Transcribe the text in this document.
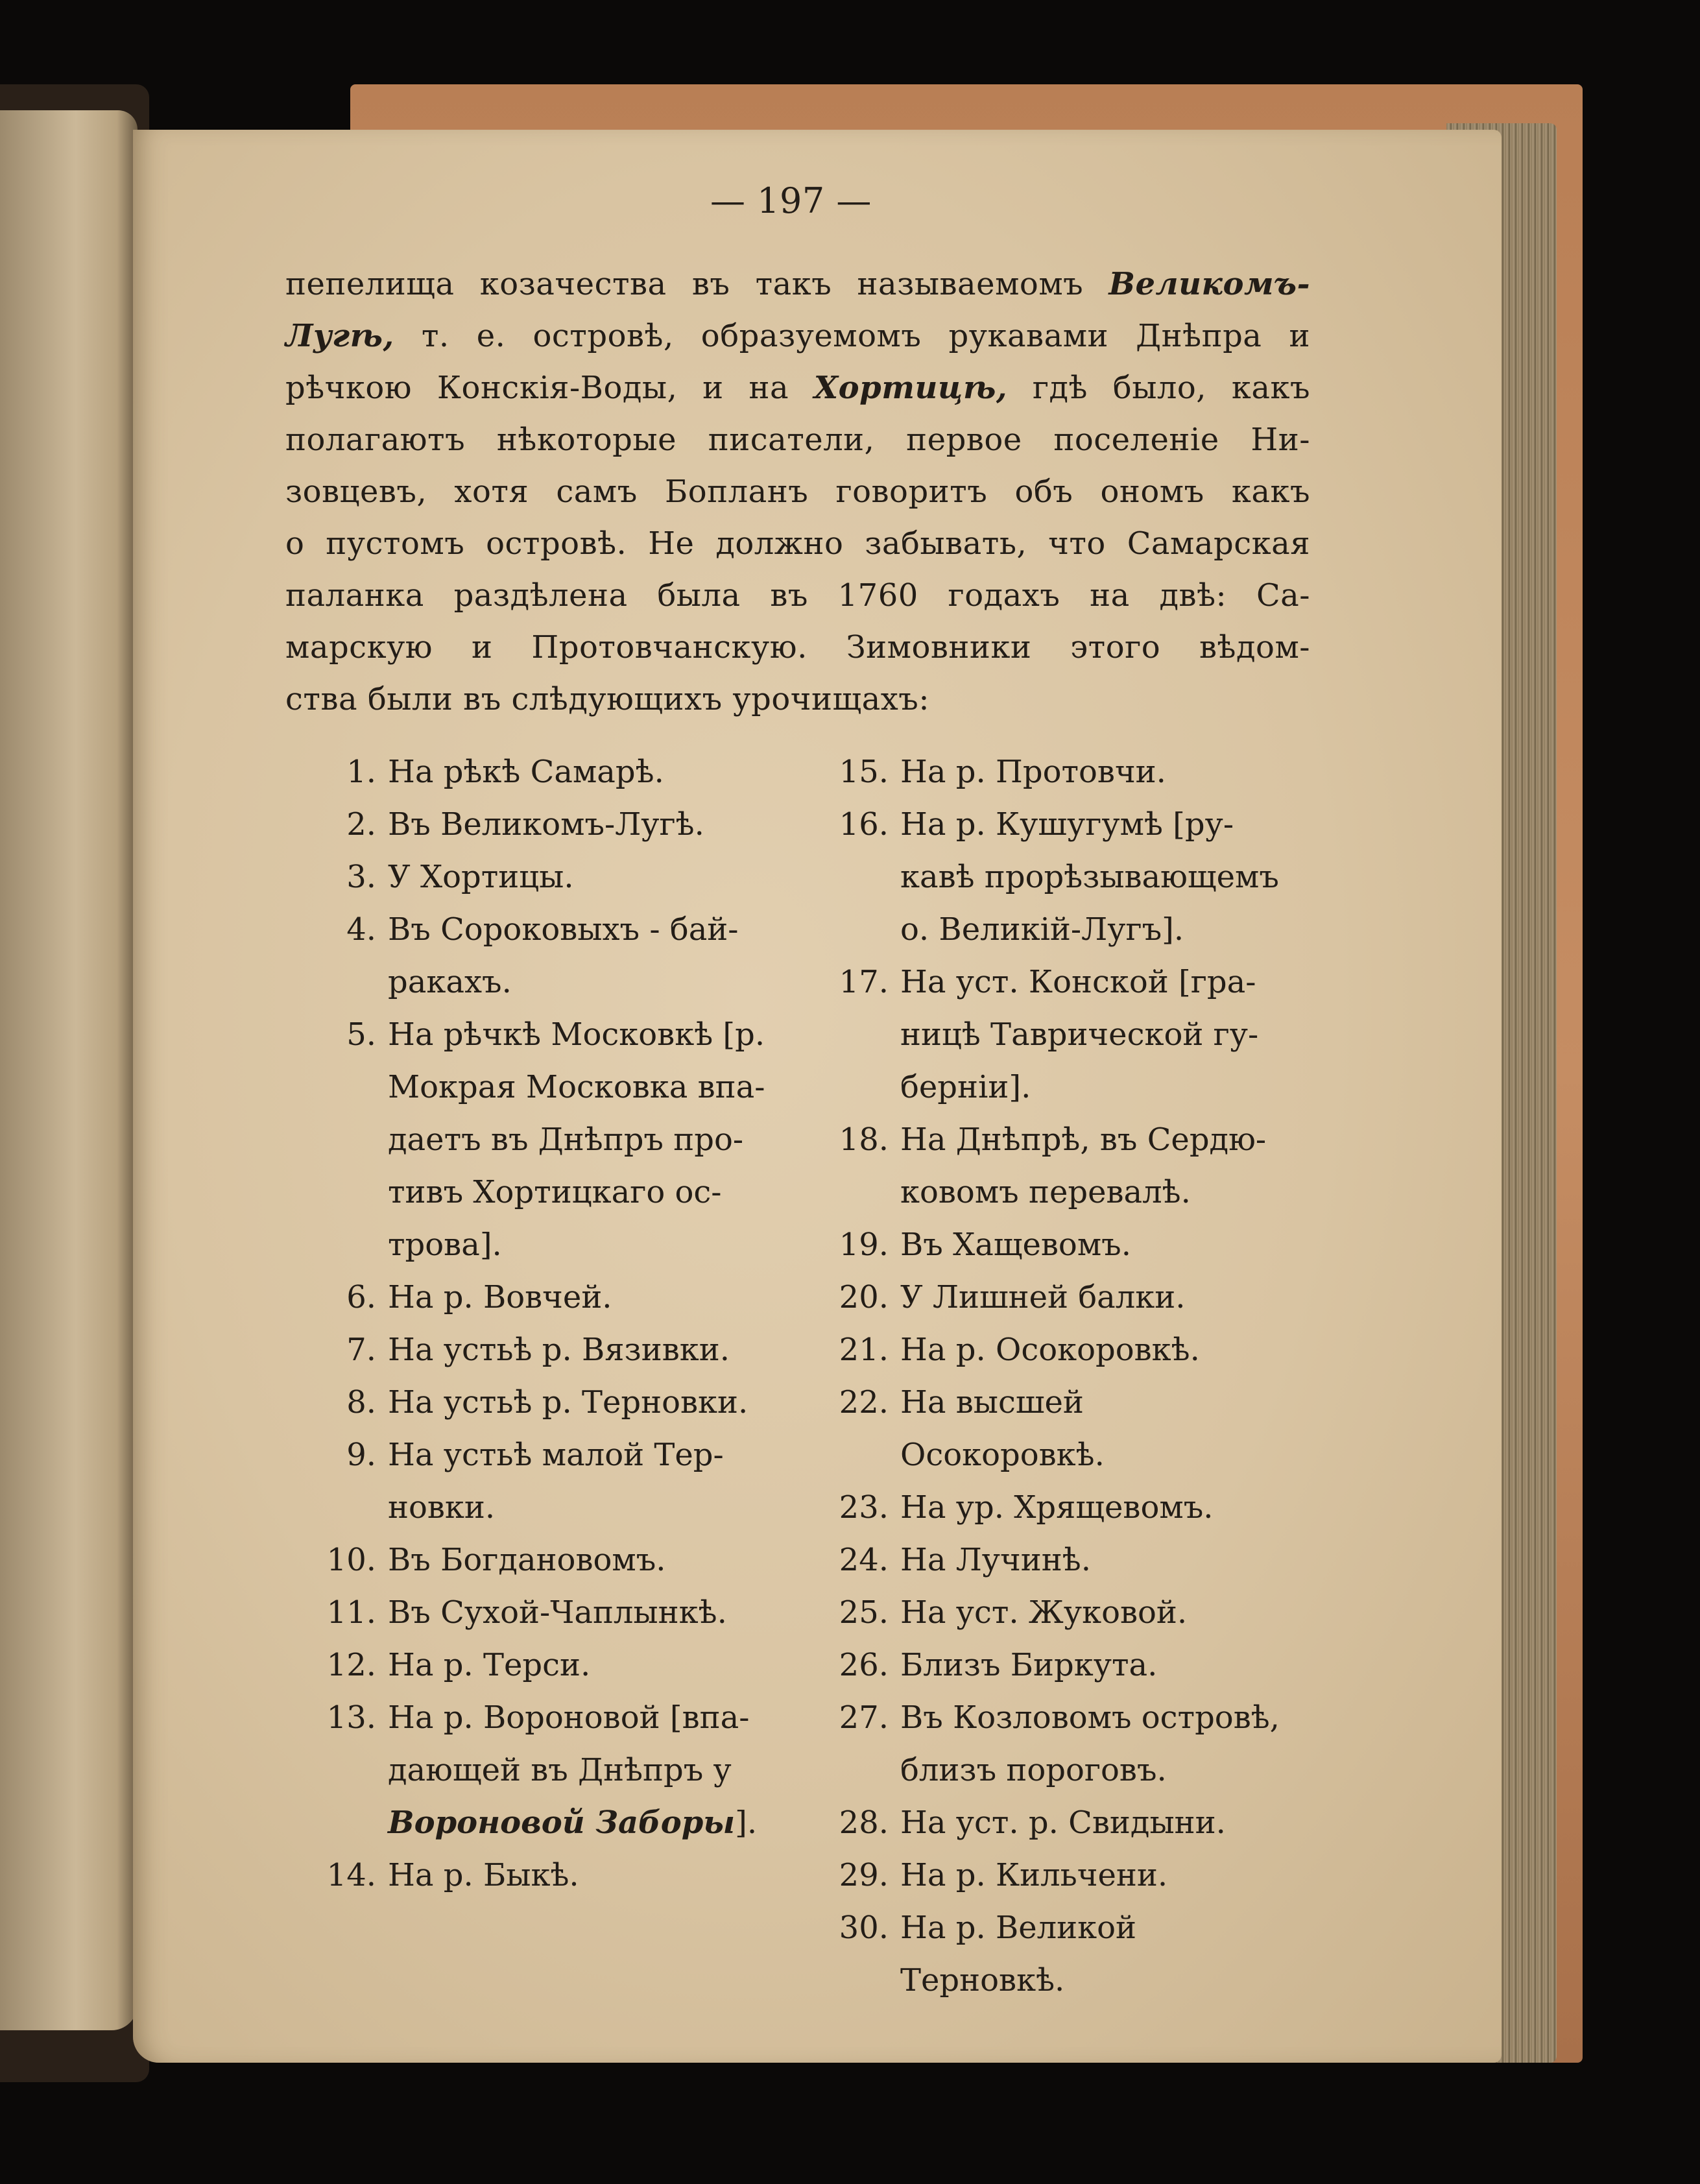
— 197 —
пепелища козачества въ такъ называемомъ Великомъ-
Лугѣ, т. е. островѣ, образуемомъ рукавами Днѣпра и
рѣчкою Конскія-Воды, и на Хортицѣ, гдѣ было, какъ
полагаютъ нѣкоторые писатели, первое поселеніе Ни-
зовцевъ, хотя самъ Бопланъ говоритъ объ ономъ какъ
о пустомъ островѣ. Не должно забывать, что Самарская
паланка раздѣлена была въ 1760 годахъ на двѣ: Са-
марскую и Протовчанскую. Зимовники этого вѣдом-
ства были въ слѣдующихъ урочищахъ:
1. На рѣкѣ Самарѣ.
2. Въ Великомъ-Лугѣ.
3. У Хортицы.
4. Въ Сороковыхъ - бай-
ракахъ.
5. На рѣчкѣ Московкѣ [р.
Мокрая Московка впа-
даетъ въ Днѣпръ про-
тивъ Хортицкаго ос-
трова].
6. На р. Вовчей.
7. На устьѣ р. Вязивки.
8. На устьѣ р. Терновки.
9. На устьѣ малой Тер-
новки.
10. Въ Богдановомъ.
11. Въ Сухой-Чаплынкѣ.
12. На р. Терси.
13. На р. Вороновой [впа-
дающей въ Днѣпръ у
Вороновой Заборы].
14. На р. Быкѣ.
15. На р. Протовчи.
16. На р. Кушугумѣ [ру-
кавѣ прорѣзывающемъ
о. Великій-Лугъ].
17. На уст. Конской [гра-
ницѣ Таврической гу-
берніи].
18. На Днѣпрѣ, въ Сердю-
ковомъ перевалѣ.
19. Въ Хащевомъ.
20. У Лишней балки.
21. На р. Осокоровкѣ.
22. На высшей Осокоровкѣ.
23. На ур. Хрящевомъ.
24. На Лучинѣ.
25. На уст. Жуковой.
26. Близъ Биркута.
27. Въ Козловомъ островѣ,
близъ пороговъ.
28. На уст. р. Свидыни.
29. На р. Кильчени.
30. На р. Великой Терновкѣ.
